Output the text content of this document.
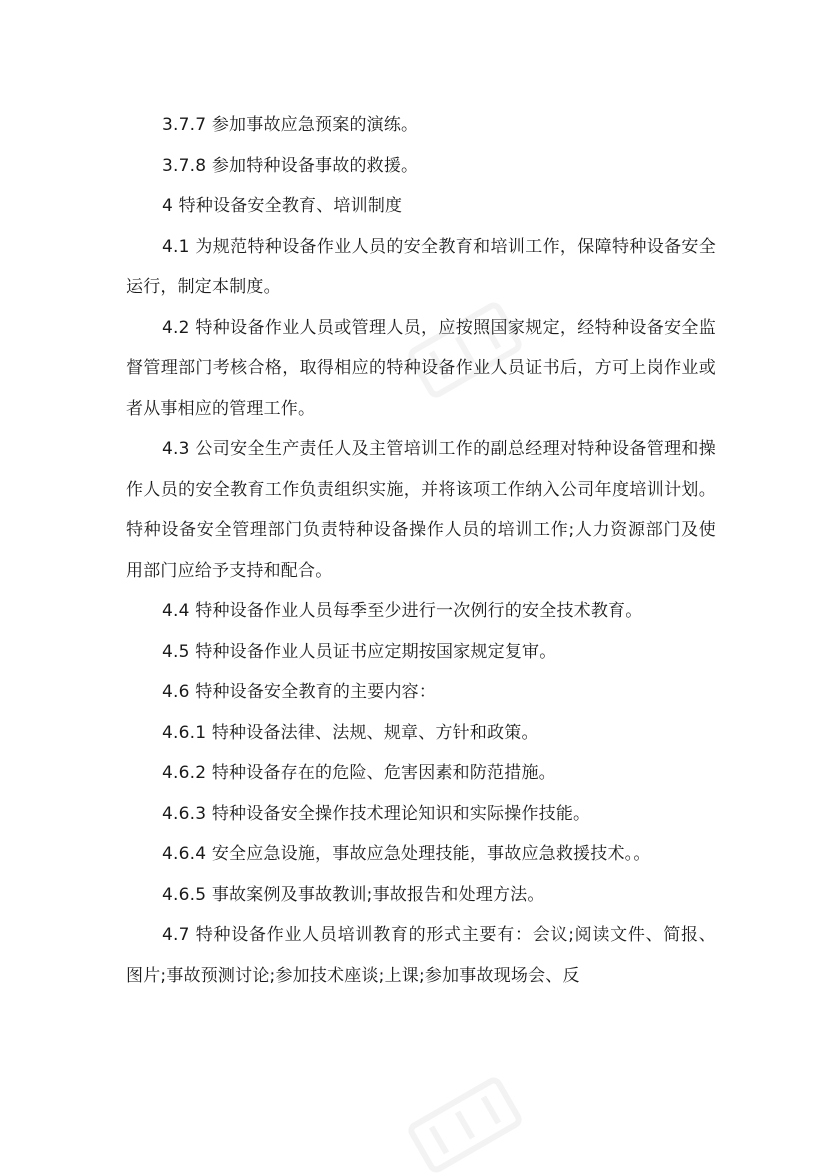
3.7.7 参加事故应急预案的演练。

3.7.8 参加特种设备事故的救援。

4 特种设备安全教育、培训制度

4.1 为规范特种设备作业人员的安全教育和培训工作，保障特种设备安全运行，制定本制度。

4.2 特种设备作业人员或管理人员，应按照国家规定，经特种设备安全监督管理部门考核合格，取得相应的特种设备作业人员证书后，方可上岗作业或者从事相应的管理工作。

4.3 公司安全生产责任人及主管培训工作的副总经理对特种设备管理和操作人员的安全教育工作负责组织实施，并将该项工作纳入公司年度培训计划。特种设备安全管理部门负责特种设备操作人员的培训工作;人力资源部门及使用部门应给予支持和配合。

4.4 特种设备作业人员每季至少进行一次例行的安全技术教育。

4.5 特种设备作业人员证书应定期按国家规定复审。

4.6 特种设备安全教育的主要内容：

4.6.1 特种设备法律、法规、规章、方针和政策。

4.6.2 特种设备存在的危险、危害因素和防范措施。

4.6.3 特种设备安全操作技术理论知识和实际操作技能。

4.6.4 安全应急设施，事故应急处理技能，事故应急救援技术。。

4.6.5 事故案例及事故教训;事故报告和处理方法。

4.7 特种设备作业人员培训教育的形式主要有：会议;阅读文件、简报、图片;事故预测讨论;参加技术座谈;上课;参加事故现场会、反
